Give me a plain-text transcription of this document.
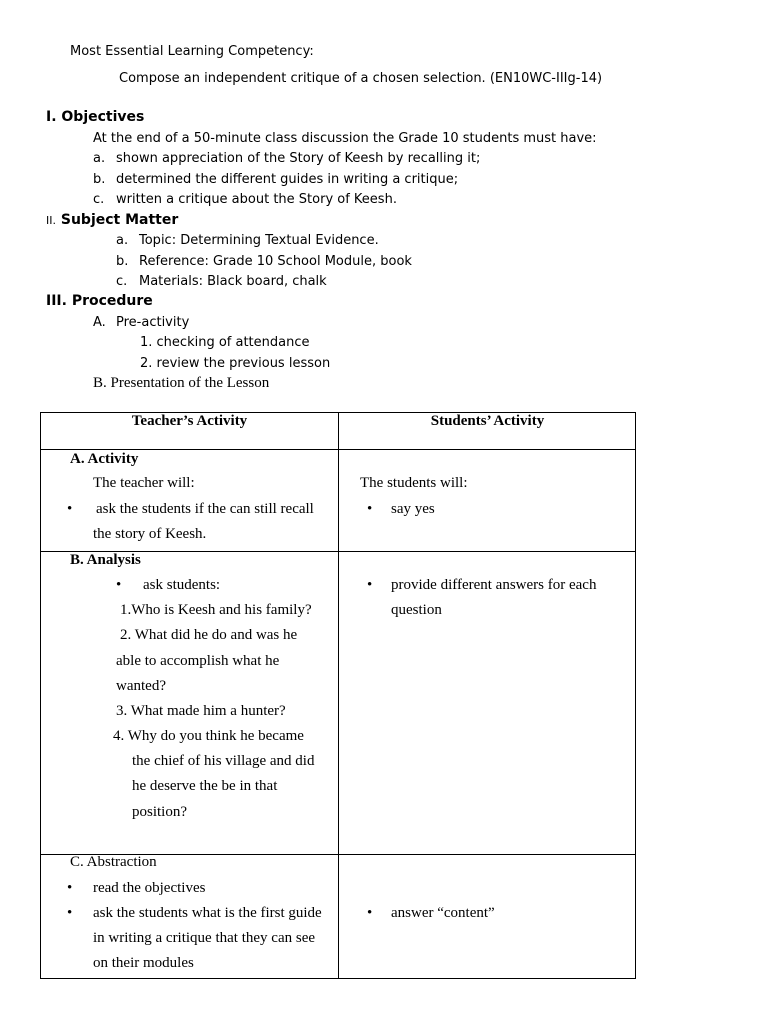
Most Essential Learning Competency:
Compose an independent critique of a chosen selection. (EN10WC-IIIg-14)
I. Objectives
At the end of a 50-minute class discussion the Grade 10 students must have:
a. shown appreciation of the Story of Keesh by recalling it;
b. determined the different guides in writing a critique;
c. written a critique about the Story of Keesh.
II. Subject Matter
a. Topic: Determining Textual Evidence.
b. Reference: Grade 10 School Module, book
c. Materials: Black board, chalk
III. Procedure
A. Pre-activity
1. checking of attendance
2. review the previous lesson
B. Presentation of the Lesson
Teacher’s Activity	Students’ Activity
A. Activity
The teacher will:
• ask the students if the can still recall
the story of Keesh.
The students will:
• say yes
B. Analysis
• ask students:
1.Who is Keesh and his family?
2. What did he do and was he
able to accomplish what he
wanted?
3. What made him a hunter?
4. Why do you think he became
the chief of his village and did
he deserve the be in that
position?
• provide different answers for each
question
C. Abstraction
• read the objectives
• ask the students what is the first guide
in writing a critique that they can see
on their modules
• answer “content”
